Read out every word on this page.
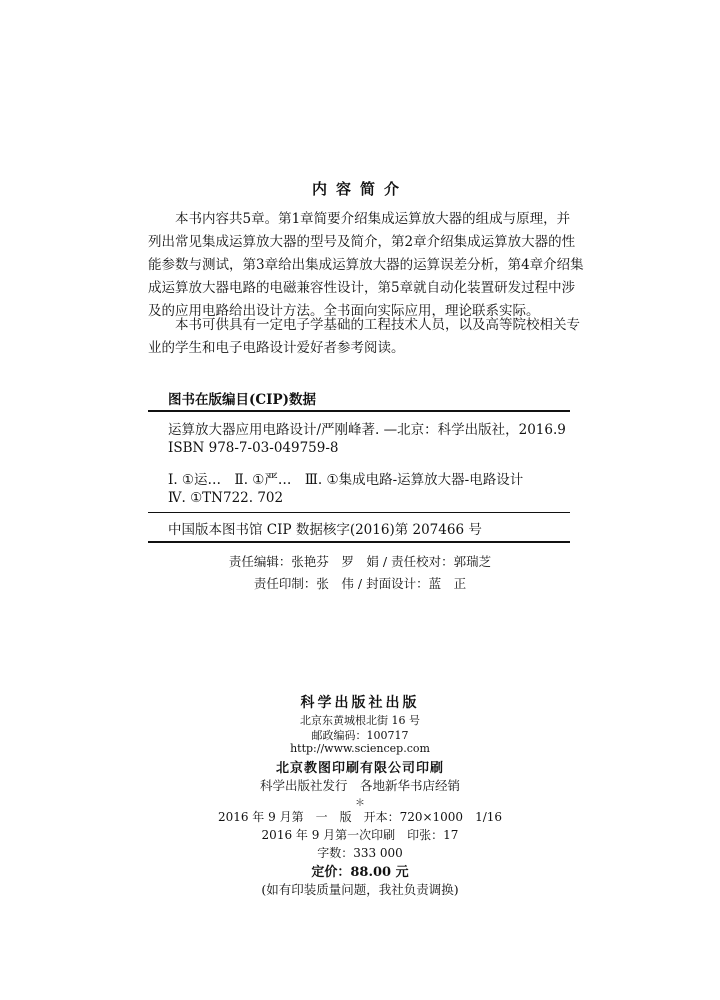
内容简介
本书内容共5章。第1章简要介绍集成运算放大器的组成与原理，并
列出常见集成运算放大器的型号及简介，第2章介绍集成运算放大器的性
能参数与测试，第3章给出集成运算放大器的运算误差分析，第4章介绍集
成运算放大器电路的电磁兼容性设计，第5章就自动化装置研发过程中涉
及的应用电路给出设计方法。全书面向实际应用，理论联系实际。
本书可供具有一定电子学基础的工程技术人员，以及高等院校相关专
业的学生和电子电路设计爱好者参考阅读。
图书在版编目(CIP)数据
运算放大器应用电路设计/严刚峰著. —北京：科学出版社，2016.9
ISBN 978-7-03-049759-8
Ⅰ. ①运…　Ⅱ. ①严…　Ⅲ. ①集成电路-运算放大器-电路设计
Ⅳ. ①TN722. 702
中国版本图书馆 CIP 数据核字(2016)第 207466 号
责任编辑：张艳芬　罗　娟 / 责任校对：郭瑞芝
责任印制：张　伟 / 封面设计：蓝　正
科学出版社出版
北京东黄城根北街 16 号
邮政编码：100717
http://www.sciencep.com
北京教图印刷有限公司印刷
科学出版社发行　各地新华书店经销
＊
2016 年 9 月第　一　版　开本：720×1000　1/16
2016 年 9 月第一次印刷　印张：17
字数：333 000
定价：88.00 元
(如有印装质量问题，我社负责调换)
